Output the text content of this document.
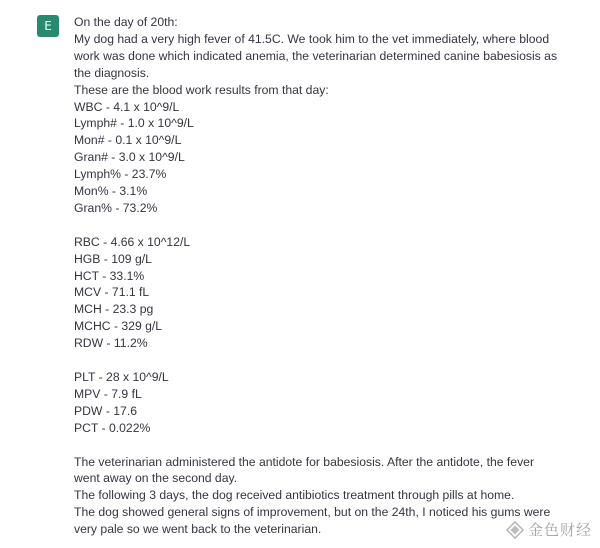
E	On the day of 20th:
My dog had a very high fever of 41.5C. We took him to the vet immediately, where blood
work was done which indicated anemia, the veterinarian determined canine babesiosis as
the diagnosis.
These are the blood work results from that day:
WBC - 4.1 x 10^9/L
Lymph# - 1.0 x 10^9/L
Mon# - 0.1 x 10^9/L
Gran# - 3.0 x 10^9/L
Lymph% - 23.7%
Mon% - 3.1%
Gran% - 73.2%
RBC - 4.66 x 10^12/L
HGB - 109 g/L
HCT - 33.1%
MCV - 71.1 fL
MCH - 23.3 pg
MCHC - 329 g/L
RDW - 11.2%
PLT - 28 x 10^9/L
MPV - 7.9 fL
PDW - 17.6
PCT - 0.022%
The veterinarian administered the antidote for babesiosis. After the antidote, the fever
went away on the second day.
The following 3 days, the dog received antibiotics treatment through pills at home.
The dog showed general signs of improvement, but on the 24th, I noticed his gums were
very pale so we went back to the veterinarian.	金色财经
